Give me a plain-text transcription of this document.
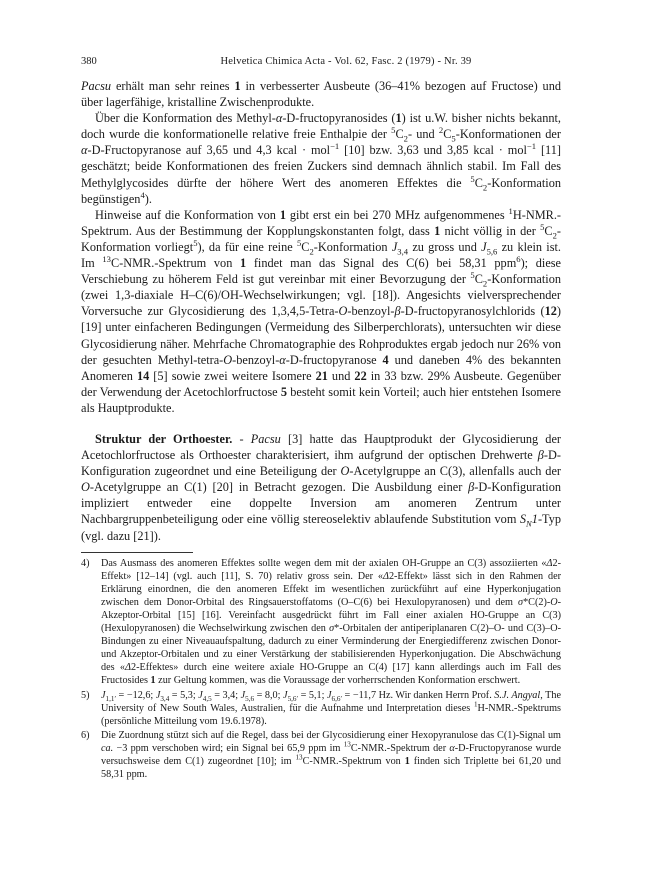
380	Helvetica Chimica Acta - Vol. 62, Fasc. 2 (1979) - Nr. 39

Pacsu erhält man sehr reines 1 in verbesserter Ausbeute (36–41% bezogen auf Fructose) und über lagerfähige, kristalline Zwischenprodukte.

Über die Konformation des Methyl-α-D-fructopyranosides (1) ist u.W. bisher nichts bekannt, doch wurde die konformationelle relative freie Enthalpie der $^5C_2-$ und $^2C_5$-Konformationen der α-D-Fructopyranose auf 3,65 und 4,3 kcal · mol$^{-1}$ [10] bzw. 3,63 und 3,85 kcal · mol$^{-1}$ [11] geschätzt; beide Konformationen des freien Zuckers sind demnach ähnlich stabil. Im Fall des Methylglycosides dürfte der höhere Wert des anomeren Effektes die $^5C_2$-Konformation begünstigen$^4$).

Hinweise auf die Konformation von 1 gibt erst ein bei 270 MHz aufgenommenes $^1$H-NMR.-Spektrum. Aus der Bestimmung der Kopplungskonstanten folgt, dass 1 nicht völlig in der $^5C_2$-Konformation vorliegt$^5$), da für eine reine $^5C_2$-Konformation $J_{3,4}$ zu gross und $J_{5,6}$ zu klein ist. Im $^{13}$C-NMR.-Spektrum von 1 findet man das Signal des C(6) bei 58,31 ppm$^6$); diese Verschiebung zu höherem Feld ist gut vereinbar mit einer Bevorzugung der $^5C_2$-Konformation (zwei 1,3-diaxiale H–C(6)/OH-Wechselwirkungen; vgl. [18]). Angesichts vielversprechender Vorversuche zur Glycosidierung des 1,3,4,5-Tetra-O-benzoyl-β-D-fructopyranosylchlorids (12) [19] unter einfacheren Bedingungen (Vermeidung des Silberperchlorats), untersuchten wir diese Glycosidierung näher. Mehrfache Chromatographie des Rohproduktes ergab jedoch nur 26% von der gesuchten Methyl-tetra-O-benzoyl-α-D-fructopyranose 4 und daneben 4% des bekannten Anomeren 14 [5] sowie zwei weitere Isomere 21 und 22 in 33 bzw. 29% Ausbeute. Gegenüber der Verwendung der Acetochlorfructose 5 besteht somit kein Vorteil; auch hier entstehen Isomere als Hauptprodukte.

Struktur der Orthoester. - Pacsu [3] hatte das Hauptprodukt der Glycosidierung der Acetochlorfructose als Orthoester charakterisiert, ihm aufgrund der optischen Drehwerte β-D-Konfiguration zugeordnet und eine Beteiligung der O-Acetylgruppe an C(3), allenfalls auch der O-Acetylgruppe an C(1) [20] in Betracht gezogen. Die Ausbildung einer β-D-Konfiguration impliziert entweder eine doppelte Inversion am anomeren Zentrum unter Nachbargruppenbeteiligung oder eine völlig stereoselektiv ablaufende Substitution vom $S_N1$-Typ (vgl. dazu [21]).

4)	Das Ausmass des anomeren Effektes sollte wegen dem mit der axialen OH-Gruppe an C(3) assoziierten «Δ2-Effekt» [12–14] (vgl. auch [11], S. 70) relativ gross sein. Der «Δ2-Effekt» lässt sich in den Rahmen der Erklärung einordnen, die den anomeren Effekt im wesentlichen zurückführt auf eine Hyperkonjugation zwischen dem Donor-Orbital des Ringsauerstoffatoms (O–C(6) bei Hexulopyranosen) und dem σ*C(2)-O-Akzeptor-Orbital [15] [16]. Vereinfacht ausgedrückt führt im Fall einer axialen HO-Gruppe an C(3) (Hexulopyranosen) die Wechselwirkung zwischen den σ*-Orbitalen der antiperiplanaren C(2)–O- und C(3)–O-Bindungen zu einer Niveauaufspaltung, dadurch zu einer Verminderung der Energiedifferenz zwischen Donor- und Akzeptor-Orbitalen und zu einer Verstärkung der stabilisierenden Hyperkonjugation. Die Abschwächung des «Δ2-Effektes» durch eine weitere axiale HO-Gruppe an C(4) [17] kann allerdings auch im Fall des Fructosides 1 zur Geltung kommen, was die Voraussage der vorherrschenden Konformation erschwert.
5)	$J_{1,1'} = -12,6$; $J_{3,4} = 5,3$; $J_{4,5} = 3,4$; $J_{5,6} = 8,0$; $J_{5,6'} = 5,1$; $J_{6,6'} = -11,7$ Hz. Wir danken Herrn Prof. S.J. Angyal, The University of New South Wales, Australien, für die Aufnahme und Interpretation dieses $^1$H-NMR.-Spektrums (persönliche Mitteilung vom 19.6.1978).
6)	Die Zuordnung stützt sich auf die Regel, dass bei der Glycosidierung einer Hexopyranulose das C(1)-Signal um ca. −3 ppm verschoben wird; ein Signal bei 65,9 ppm im $^{13}$C-NMR.-Spektrum der α-D-Fructopyranose wurde versuchsweise dem C(1) zugeordnet [10]; im $^{13}$C-NMR.-Spektrum von 1 finden sich Triplette bei 61,20 und 58,31 ppm.
